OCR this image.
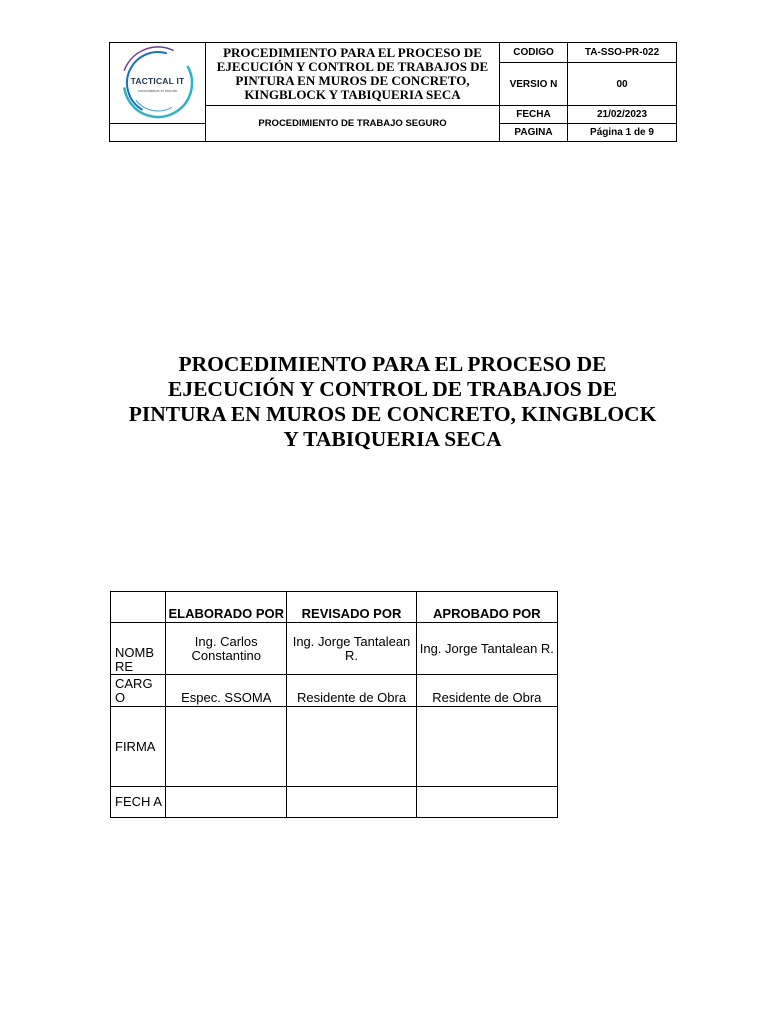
TACTICAL IT
conectamos el mundo	PROCEDIMIENTO PARA EL PROCESO DE EJECUCIÓN Y CONTROL DE TRABAJOS DE PINTURA EN MUROS DE CONCRETO, KINGBLOCK Y TABIQUERIA SECA	CODIGO	TA-SSO-PR-022
		VERSIO N	00
	PROCEDIMIENTO DE TRABAJO SEGURO	FECHA	21/02/2023
		PAGINA	Página 1 de 9
PROCEDIMIENTO PARA EL PROCESO DE EJECUCIÓN Y CONTROL DE TRABAJOS DE PINTURA EN MUROS DE CONCRETO, KINGBLOCK Y TABIQUERIA SECA
	ELABORADO POR	REVISADO POR	APROBADO POR
NOMB RE	Ing. Carlos Constantino	Ing. Jorge Tantalean R.	Ing. Jorge Tantalean R.
CARG O	Espec. SSOMA	Residente de Obra	Residente de Obra
FIRMA			
FECH A			
